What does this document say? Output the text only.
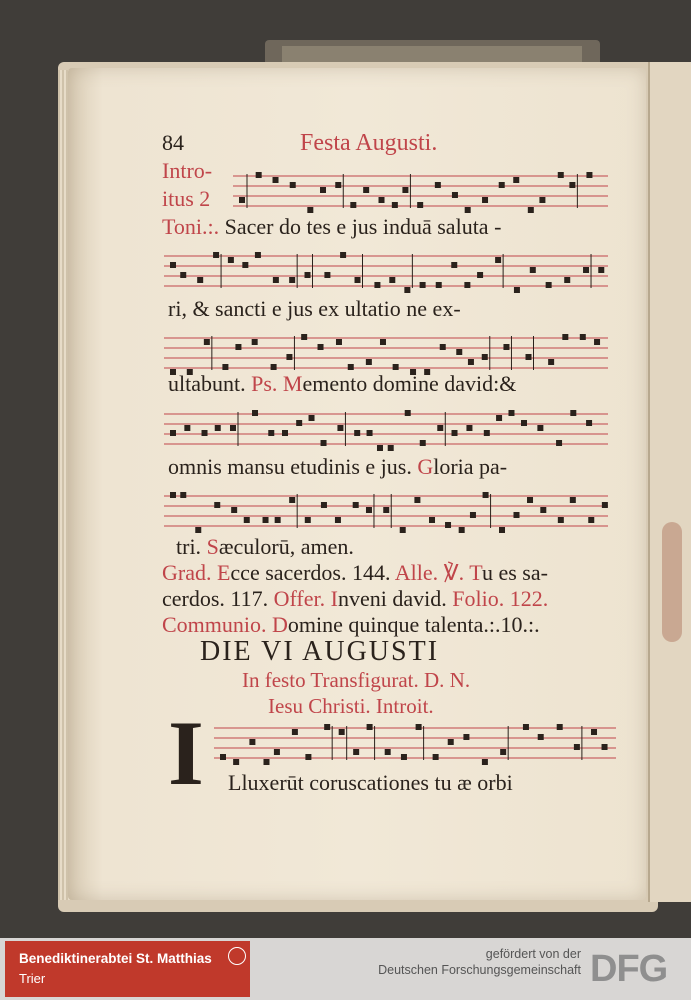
84	Festa Augusti.
Intro-
itus 2
Toni.:. Sacer do tes e jus induā saluta -
ri, & sancti e jus ex ultatio ne ex-
ultabunt. Ps. Memento domine david:&
omnis mansu etudinis e jus. Gloria pa-
tri. Sæculorū, amen.
Grad. Ecce sacerdos. 144. Alle. ℣. Tu es sa-
cerdos. 117. Offer. Inveni david. Folio. 122.
Communio. Domine quinque talenta.:.10.:.
DIE VI AUGUSTI
In festo Transfigurat. D. N.
Iesu Christi. Introit.
I Lluxerūt coruscationes tu æ orbi
Benediktinerabtei St. Matthias
Trier
gefördert von der
Deutschen Forschungsgemeinschaft DFG
